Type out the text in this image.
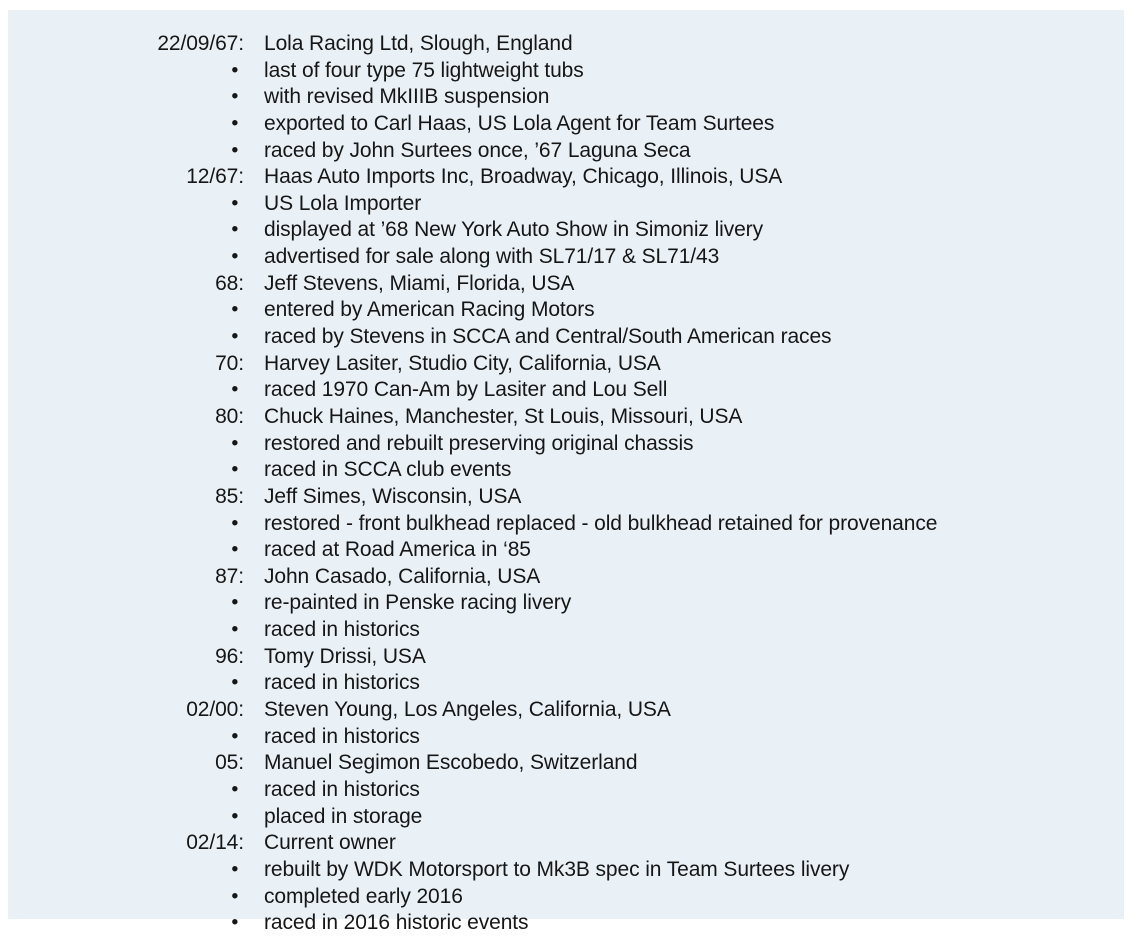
22/09/67: Lola Racing Ltd, Slough, England
• last of four type 75 lightweight tubs
• with revised MkIIIB suspension
• exported to Carl Haas, US Lola Agent for Team Surtees
• raced by John Surtees once, ’67 Laguna Seca
12/67: Haas Auto Imports Inc, Broadway, Chicago, Illinois, USA
• US Lola Importer
• displayed at ’68 New York Auto Show in Simoniz livery
• advertised for sale along with SL71/17 & SL71/43
68: Jeff Stevens, Miami, Florida, USA
• entered by American Racing Motors
• raced by Stevens in SCCA and Central/South American races
70: Harvey Lasiter, Studio City, California, USA
• raced 1970 Can-Am by Lasiter and Lou Sell
80: Chuck Haines, Manchester, St Louis, Missouri, USA
• restored and rebuilt preserving original chassis
• raced in SCCA club events
85: Jeff Simes, Wisconsin, USA
• restored - front bulkhead replaced - old bulkhead retained for provenance
• raced at Road America in ‘85
87: John Casado, California, USA
• re-painted in Penske racing livery
• raced in historics
96: Tomy Drissi, USA
• raced in historics
02/00: Steven Young, Los Angeles, California, USA
• raced in historics
05: Manuel Segimon Escobedo, Switzerland
• raced in historics
• placed in storage
02/14: Current owner
• rebuilt by WDK Motorsport to Mk3B spec in Team Surtees livery
• completed early 2016
• raced in 2016 historic events
